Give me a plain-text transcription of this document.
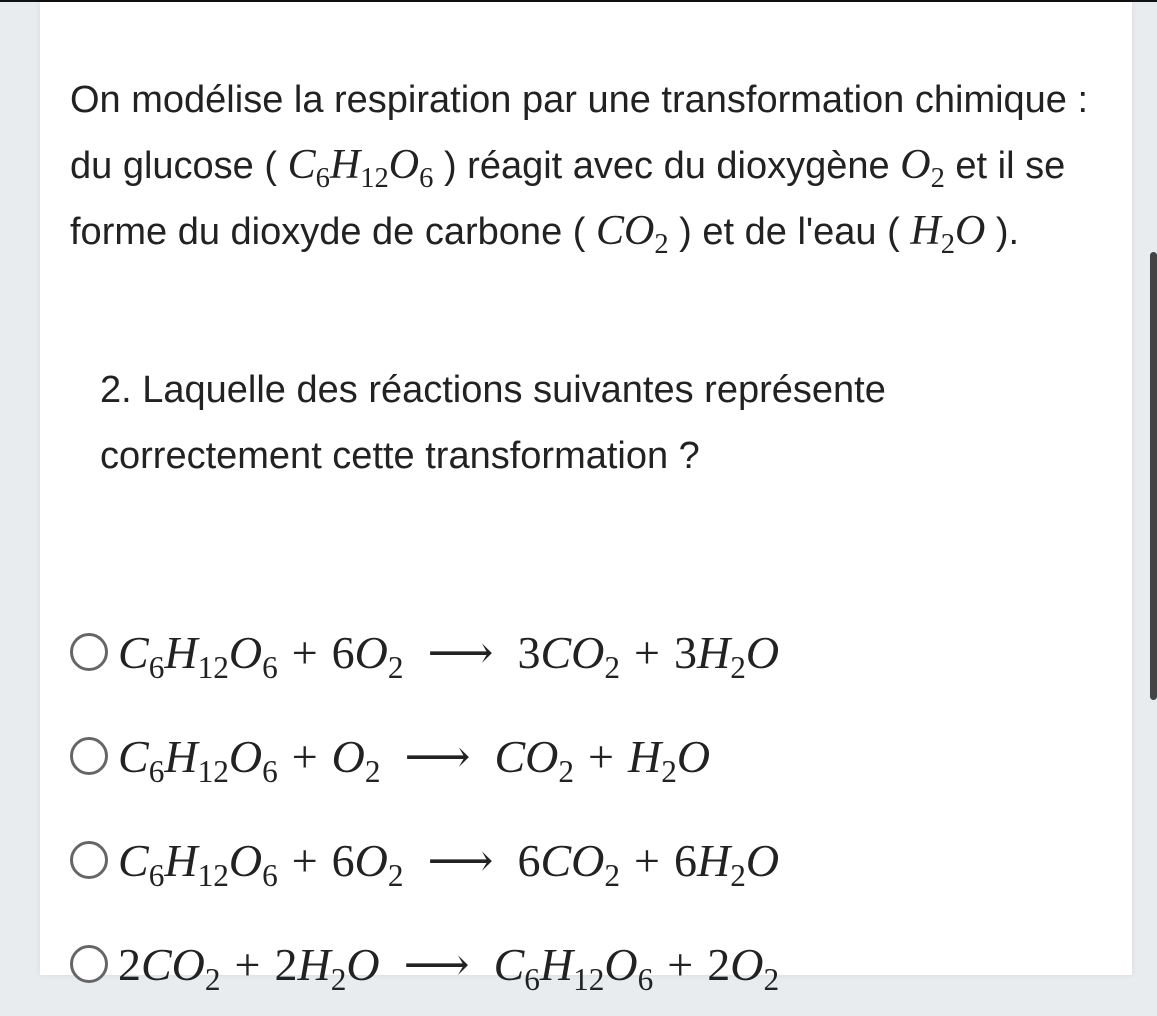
On modélise la respiration par une transformation chimique : du glucose ( $C_6H_{12}O_6$ ) réagit avec du dioxygène $O_2$ et il se forme du dioxyde de carbone ( $CO_2$ ) et de l'eau ( $H_2O$ ).
2. Laquelle des réactions suivantes représente correctement cette transformation ?
$C_6H_{12}O_6 + 6O_2$ ⟶ $3CO_2 + 3H_2O$
$C_6H_{12}O_6 + O_2$ ⟶ $CO_2 + H_2O$
$C_6H_{12}O_6 + 6O_2$ ⟶ $6CO_2 + 6H_2O$
$2CO_2 + 2H_2O$ ⟶ $C_6H_{12}O_6 + 2O_2$
